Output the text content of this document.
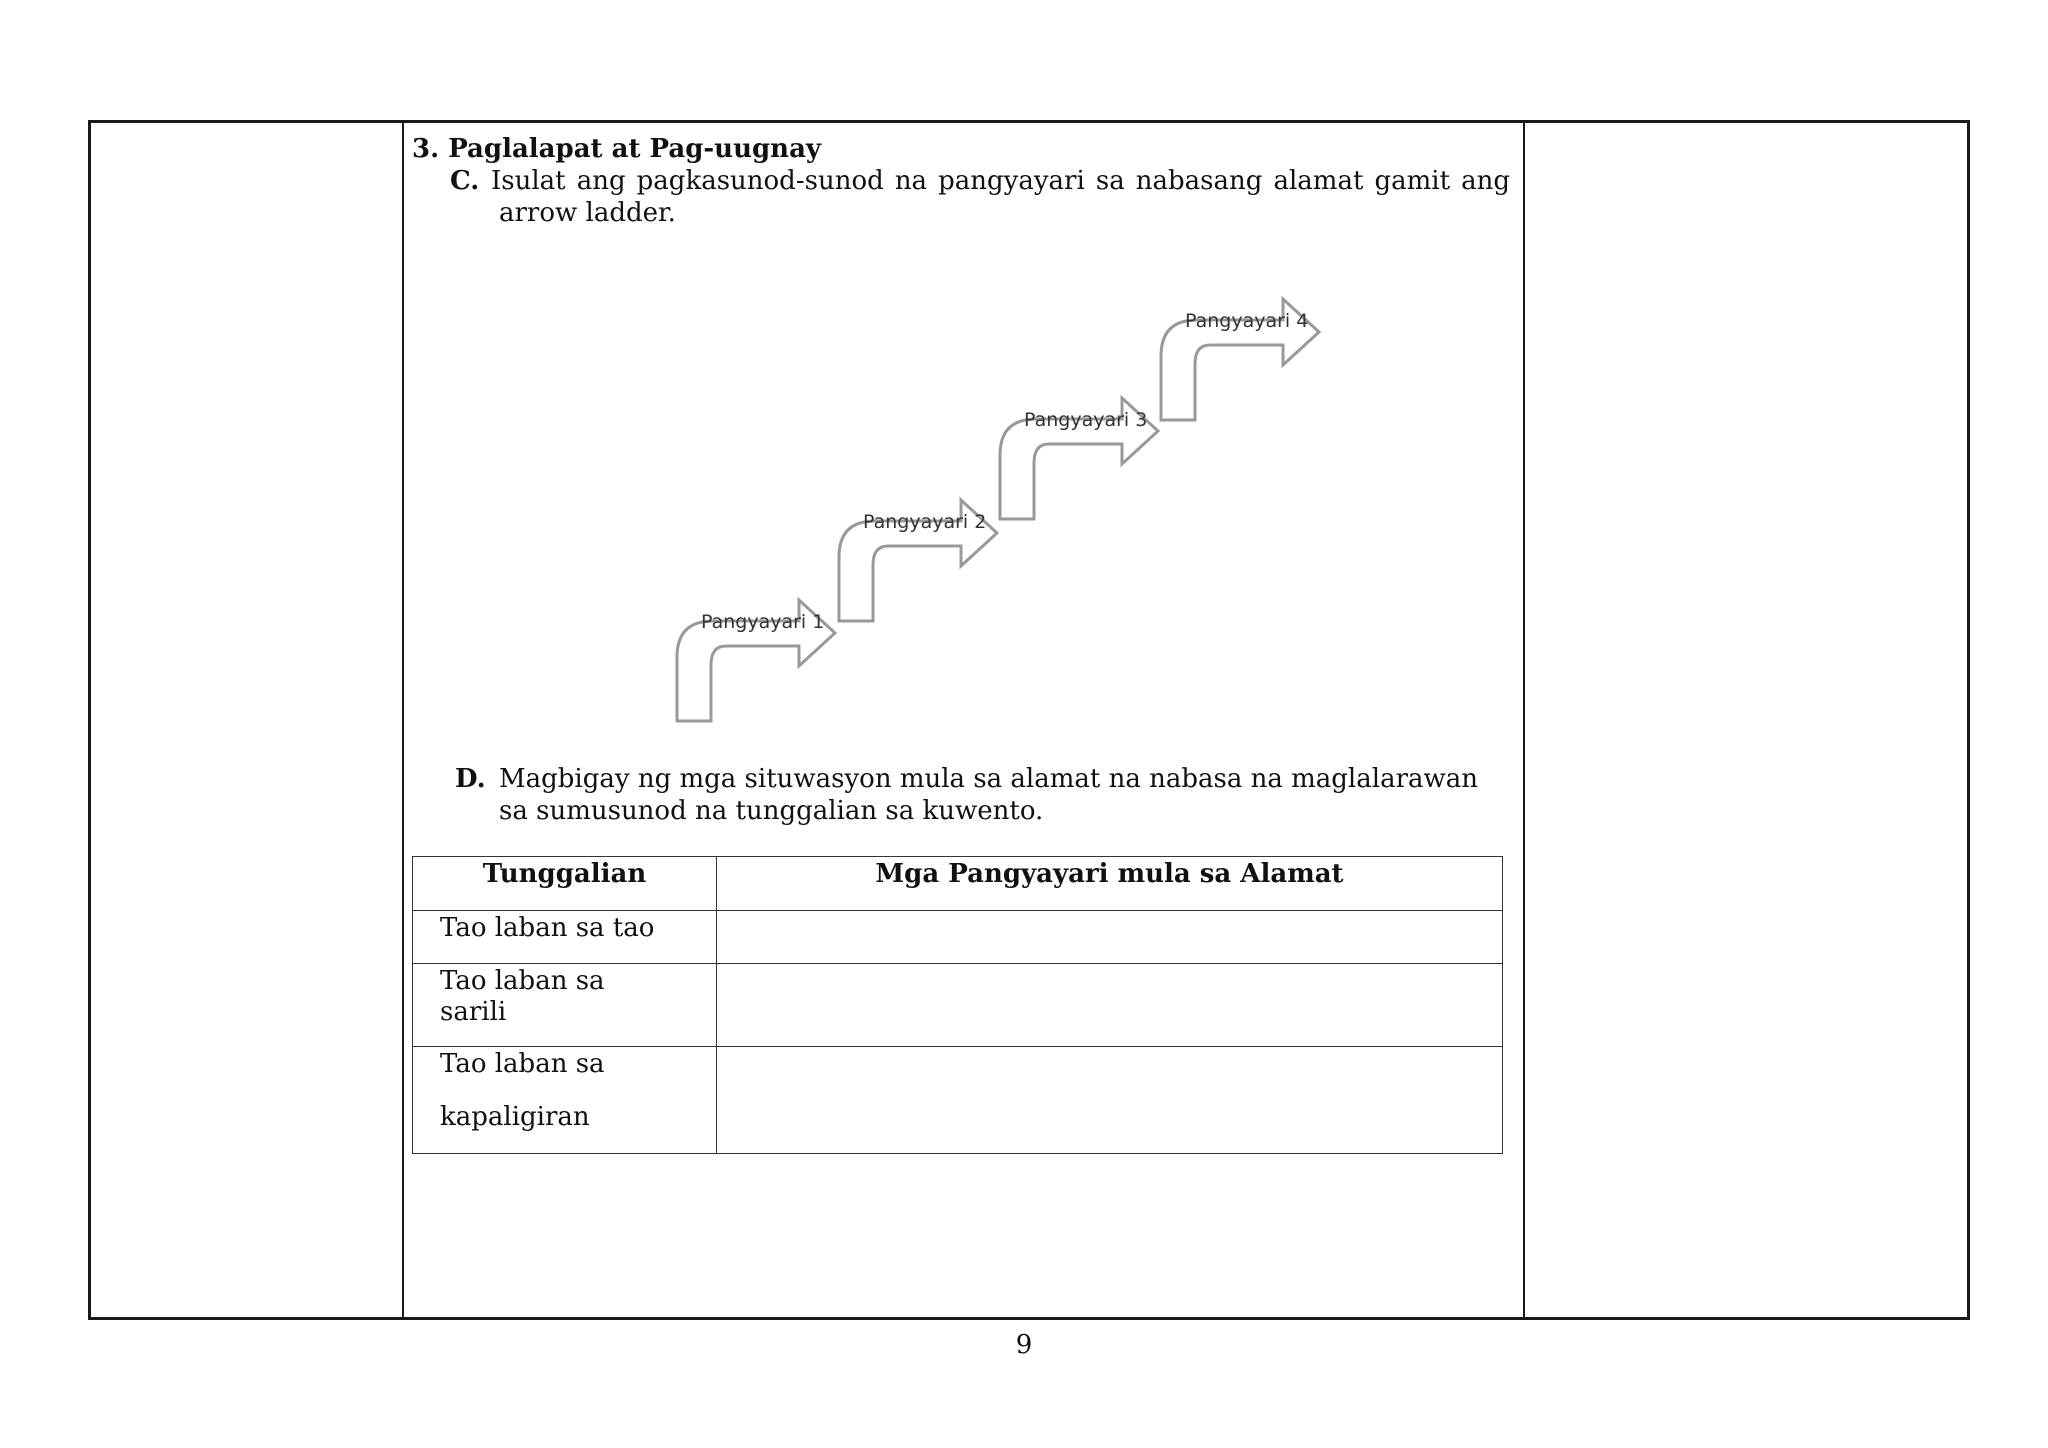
3. Paglalapat at Pag-uugnay
C. Isulat ang pagkasunod-sunod na pangyayari sa nabasang alamat gamit ang
arrow ladder.
Pangyayari 1
Pangyayari 2
Pangyayari 3
Pangyayari 4
D. Magbigay ng mga situwasyon mula sa alamat na nabasa na maglalarawan
sa sumusunod na tunggalian sa kuwento.
Tunggalian	Mga Pangyayari mula sa Alamat
Tao laban sa tao	
Tao laban sa
sarili	
Tao laban sa
kapaligiran	

9
